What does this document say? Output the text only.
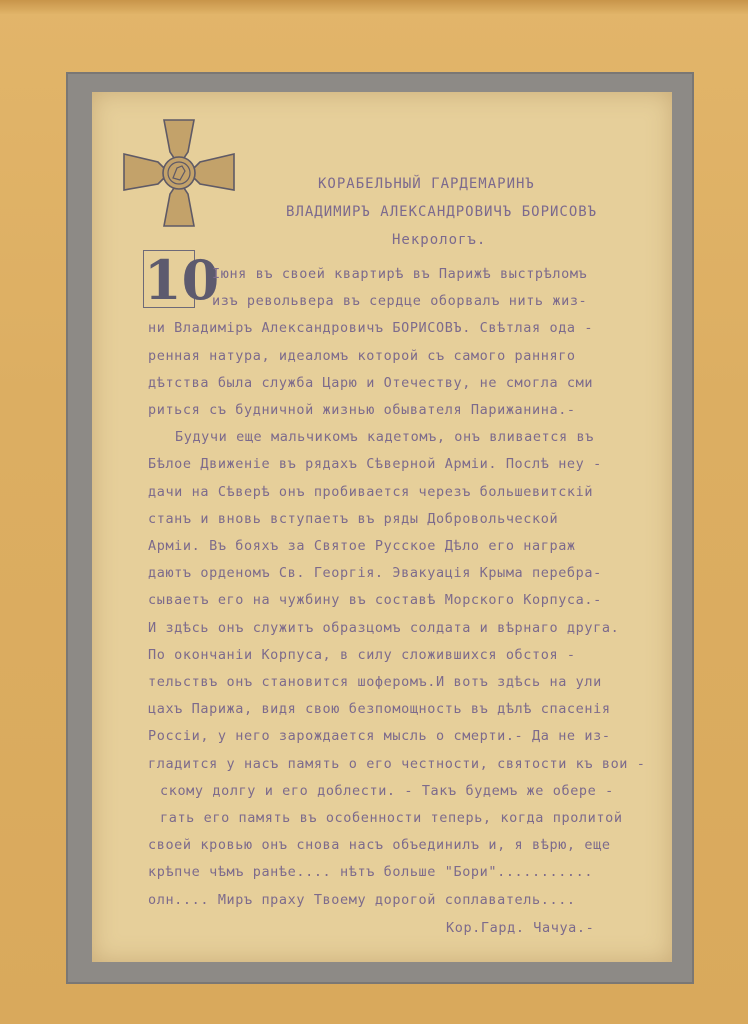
КОРАБЕЛЬНЫЙ ГАРДЕМАРИНЪ
ВЛАДИМИРЪ АЛЕКСАНДРОВИЧЪ БОРИСОВЪ
Некрологъ.
10
Іюня въ своей квартирѣ въ Парижѣ выстрѣломъ
изъ револьвера въ сердце оборвалъ нить жиз-
ни Владиміръ Александровичъ БОРИСОВЪ. Свѣтлая ода -
ренная натура, идеаломъ которой съ самого ранняго
дѣтства была служба Царю и Отечеству, не смогла сми
риться съ будничной жизнью обывателя Парижанина.-
Будучи еще мальчикомъ кадетомъ, онъ вливается въ
Бѣлое Движеніе въ рядахъ Сѣверной Арміи. Послѣ неу -
дачи на Сѣверѣ онъ пробивается черезъ большевитскій
станъ и вновь вступаетъ въ ряды Добровольческой
Арміи. Въ бояхъ за Святое Русское Дѣло его награж
даютъ орденомъ Св. Георгія. Эвакуація Крыма перебра-
сываетъ его на чужбину въ составѣ Морского Корпуса.-
И здѣсь онъ служитъ образцомъ солдата и вѣрнаго друга.
По окончаніи Корпуса, в силу сложившихся обстоя -
тельствъ онъ становится шоферомъ.И вотъ здѣсь на ули
цахъ Парижа, видя свою безпомощность въ дѣлѣ спасенія
Россіи, у него зарождается мысль о смерти.- Да не из-
гладится у насъ память о его честности, святости къ вои -
скому долгу и его доблести. - Такъ будемъ же обере -
гать его память въ особенности теперь, когда пролитой
своей кровью онъ снова насъ объединилъ и, я вѣрю, еще
крѣпче чѣмъ ранѣе.... нѣтъ больше "Бори"...........
олн.... Миръ праху Твоему дорогой соплаватель....
Кор.Гард. Чачуа.-
